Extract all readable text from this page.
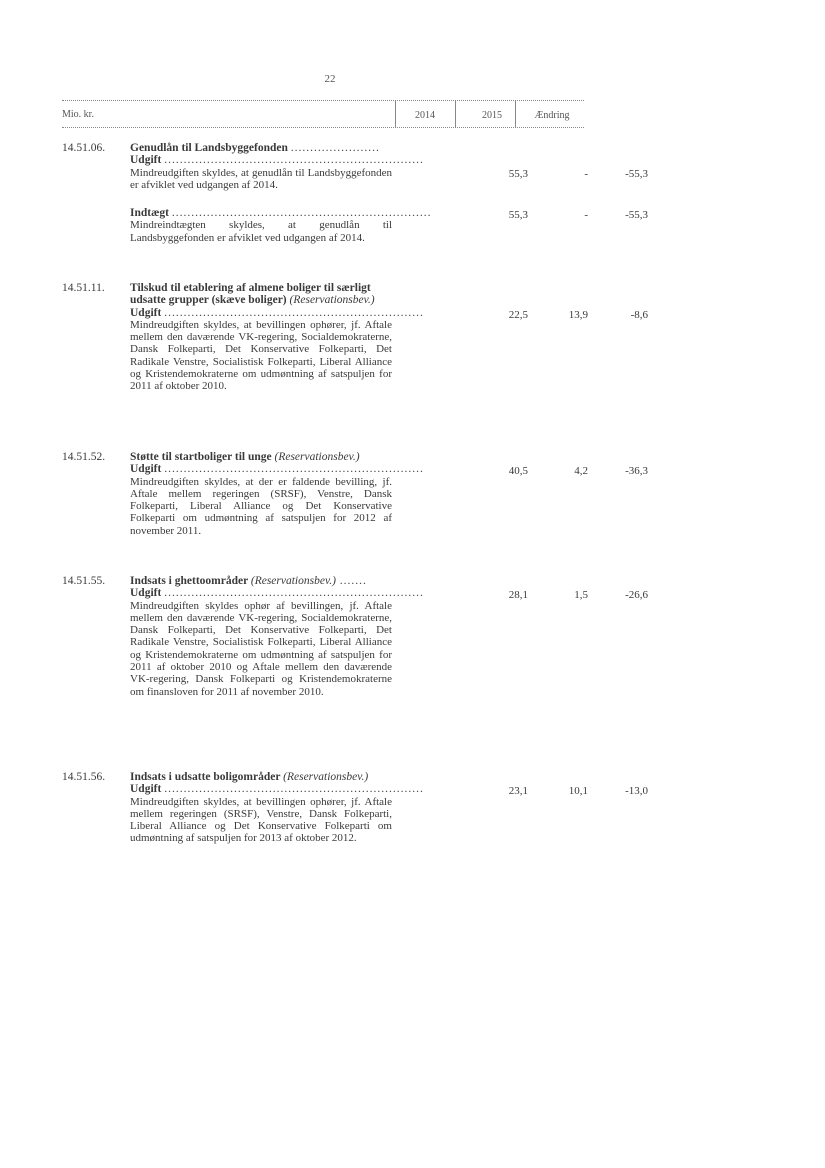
22
Mio. kr.	2014	2015	Ændring
14.51.06. Genudlån til Landsbyggefonden .......................
Udgift ...................................................................
Mindreudgiften skyldes, at genudlån til Landsbyggefonden er afviklet ved udgangen af 2014.
55,3	-	-55,3
Indtægt ...................................................................
Mindreindtægten skyldes, at genudlån til Landsbyggefonden er afviklet ved udgangen af 2014.
55,3	-	-55,3
14.51.11. Tilskud til etablering af almene boliger til særligt udsatte grupper (skæve boliger) (Reservationsbev.)
Udgift ...................................................................
Mindreudgiften skyldes, at bevillingen ophører, jf. Aftale mellem den daværende VK-regering, Socialdemokraterne, Dansk Folkeparti, Det Konservative Folkeparti, Det Radikale Venstre, Socialistisk Folkeparti, Liberal Alliance og Kristendemokraterne om udmøntning af satspuljen for 2011 af oktober 2010.
22,5	13,9	-8,6
14.51.52. Støtte til startboliger til unge (Reservationsbev.)
Udgift ...................................................................
Mindreudgiften skyldes, at der er faldende bevilling, jf. Aftale mellem regeringen (SRSF), Venstre, Dansk Folkeparti, Liberal Alliance og Det Konservative Folkeparti om udmøntning af satspuljen for 2012 af november 2011.
40,5	4,2	-36,3
14.51.55. Indsats i ghettoområder (Reservationsbev.) .......
Udgift ...................................................................
Mindreudgiften skyldes ophør af bevillingen, jf. Aftale mellem den daværende VK-regering, Socialdemokraterne, Dansk Folkeparti, Det Konservative Folkeparti, Det Radikale Venstre, Socialistisk Folkeparti, Liberal Alliance og Kristendemokraterne om udmøntning af satspuljen for 2011 af oktober 2010 og Aftale mellem den daværende VK-regering, Dansk Folkeparti og Kristendemokraterne om finansloven for 2011 af november 2010.
28,1	1,5	-26,6
14.51.56. Indsats i udsatte boligområder (Reservationsbev.)
Udgift ...................................................................
Mindreudgiften skyldes, at bevillingen ophører, jf. Aftale mellem regeringen (SRSF), Venstre, Dansk Folkeparti, Liberal Alliance og Det Konservative Folkeparti om udmøntning af satspuljen for 2013 af oktober 2012.
23,1	10,1	-13,0
